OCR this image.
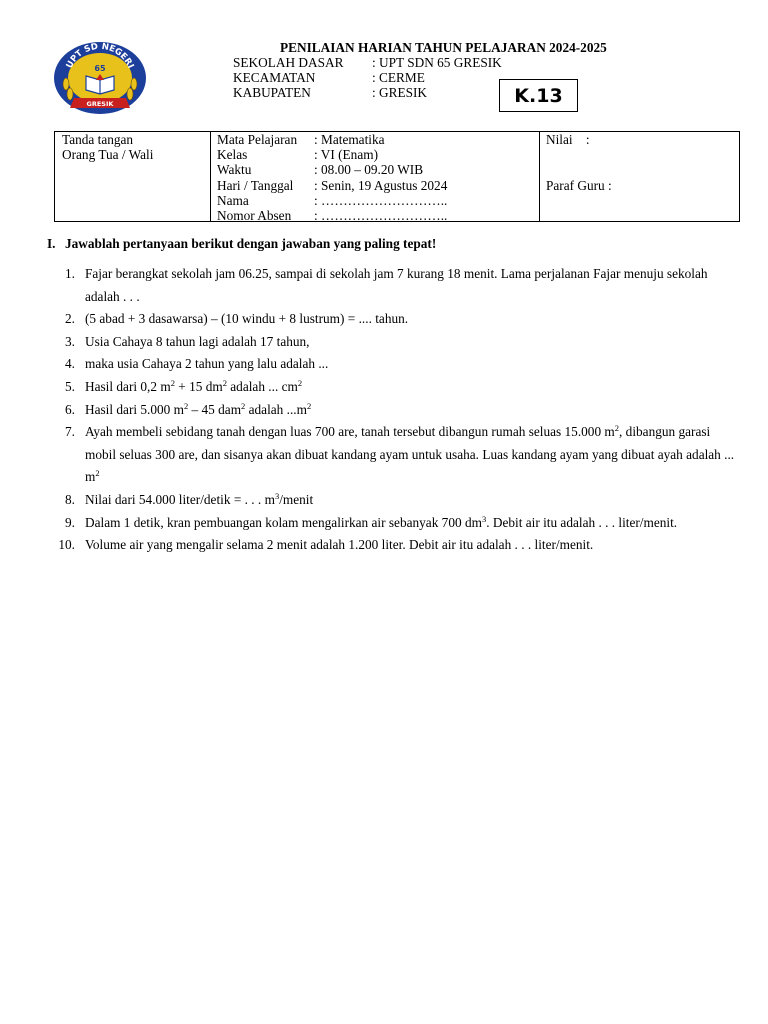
UPT SD NEGERI
65
GRESIK
PENILAIAN HARIAN TAHUN PELAJARAN 2024-2025
SEKOLAH DASAR : UPT SDN 65 GRESIK
KECAMATAN	: CERME
KABUPATEN	: GRESIK	K.13
Tanda tangan
Orang Tua / Wali
Mata Pelajaran : Matematika
Kelas	: VI (Enam)
Waktu	: 08.00 – 09.20 WIB
Hari / Tanggal : Senin, 19 Agustus 2024
Nama	: ………………………..
Nomor Absen : ………………………..
Nilai    :
Paraf Guru :
I. Jawablah pertanyaan berikut dengan jawaban yang paling tepat!
1. Fajar berangkat sekolah jam 06.25, sampai di sekolah jam 7 kurang 18 menit. Lama perjalanan Fajar menuju sekolah adalah . . .
2. (5 abad + 3 dasawarsa) – (10 windu + 8 lustrum) = .... tahun.
3. Usia Cahaya 8 tahun lagi adalah 17 tahun,
4. maka usia Cahaya 2 tahun yang lalu adalah ...
5. Hasil dari 0,2 $m^2 + 15$ $dm^2$ adalah ... $cm^2$
6. Hasil dari 5.000 $m^2 - 45$ dam$^2$ adalah $...m^2$
7. Ayah membeli sebidang tanah dengan luas 700 are, tanah tersebut dibangun rumah seluas 15.000 $m^2$, dibangun garasi mobil seluas 300 are, dan sisanya akan dibuat kandang ayam untuk usaha. Luas kandang ayam yang dibuat ayah adalah ... $m^2$
8. Nilai dari 54.000 liter/detik = . . . $m^3$/menit
9. Dalam 1 detik, kran pembuangan kolam mengalirkan air sebanyak 700 $dm^3$. Debit air itu adalah . . . liter/menit.
10. Volume air yang mengalir selama 2 menit adalah 1.200 liter. Debit air itu adalah . . . liter/menit.
